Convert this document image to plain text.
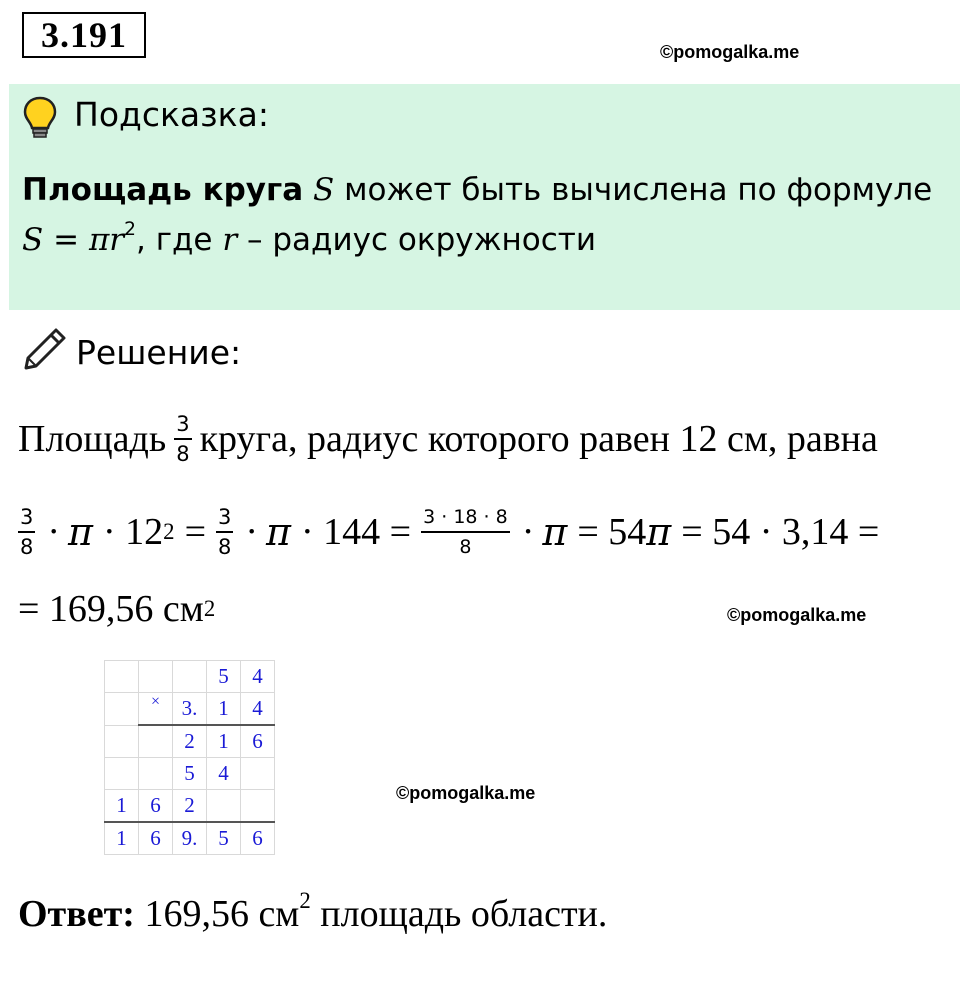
3.191	©pomogalka.me
Подсказка:
Площадь круга S может быть вычислена по формуле
$S = \pi r^2$, где r – радиус окружности
Решение:
Площадь $\frac{3}{8}$ круга, радиус которого равен 12 см, равна
$\frac{3}{8} \cdot \pi \cdot 12$ $2 = \frac{3}{8} \cdot \pi \cdot 144 = \frac{3 \cdot 18 \cdot 8}{8} \cdot \pi = 54$ π = 54 · 3,14 =
= 169,56 см 2	©pomogalka.me
			5	4
	×	3.	1	4
		2	1	6
		5	4	
1	6	2		
1	6	9.	5	6
©pomogalka.me
Ответ: 169,56 $см^2$ площадь области.
